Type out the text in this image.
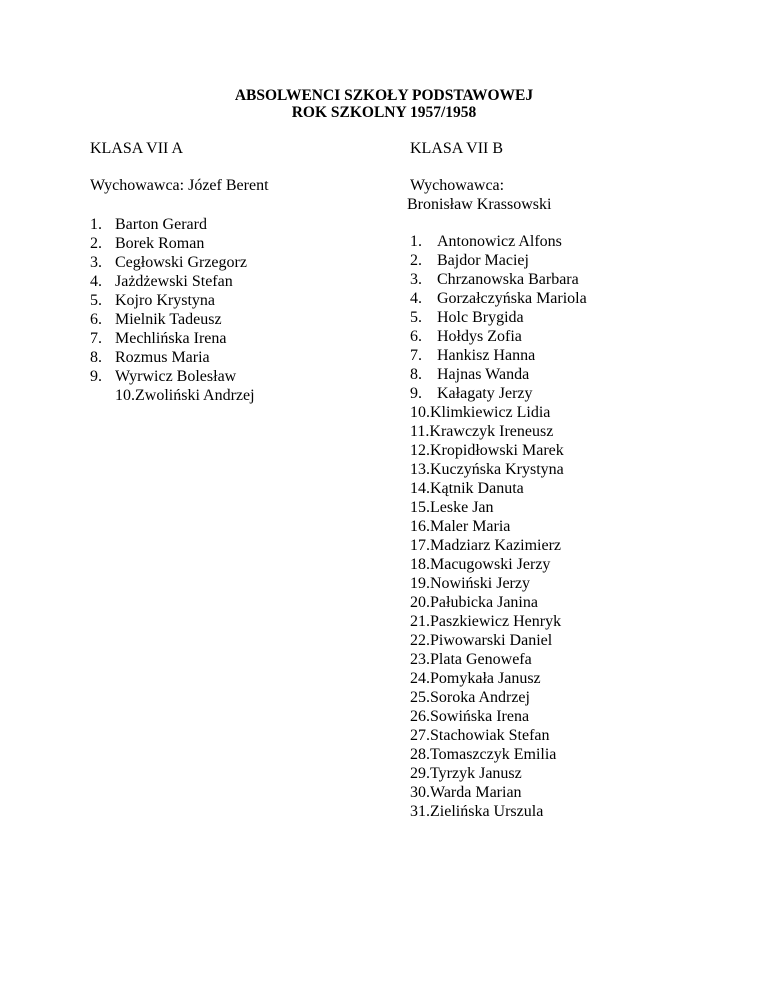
ABSOLWENCI SZKOŁY PODSTAWOWEJ
ROK SZKOLNY 1957/1958
KLASA VII A
Wychowawca: Józef Berent
1. Barton Gerard
2. Borek Roman
3. Cegłowski Grzegorz
4. Jażdżewski Stefan
5. Kojro Krystyna
6. Mielnik Tadeusz
7. Mechlińska Irena
8. Rozmus Maria
9. Wyrwicz Bolesław
10.Zwoliński Andrzej
KLASA VII B
Wychowawca:
Bronisław Krassowski
1. Antonowicz Alfons
2. Bajdor Maciej
3. Chrzanowska Barbara
4. Gorzałczyńska Mariola
5. Holc Brygida
6. Hołdys Zofia
7. Hankisz Hanna
8. Hajnas Wanda
9. Kałagaty Jerzy
10.Klimkiewicz Lidia
11.Krawczyk Ireneusz
12.Kropidłowski Marek
13.Kuczyńska Krystyna
14.Kątnik Danuta
15.Leske Jan
16.Maler Maria
17.Madziarz Kazimierz
18.Macugowski Jerzy
19.Nowiński Jerzy
20.Pałubicka Janina
21.Paszkiewicz Henryk
22.Piwowarski Daniel
23.Plata Genowefa
24.Pomykała Janusz
25.Soroka Andrzej
26.Sowińska Irena
27.Stachowiak Stefan
28.Tomaszczyk Emilia
29.Tyrzyk Janusz
30.Warda Marian
31.Zielińska Urszula
